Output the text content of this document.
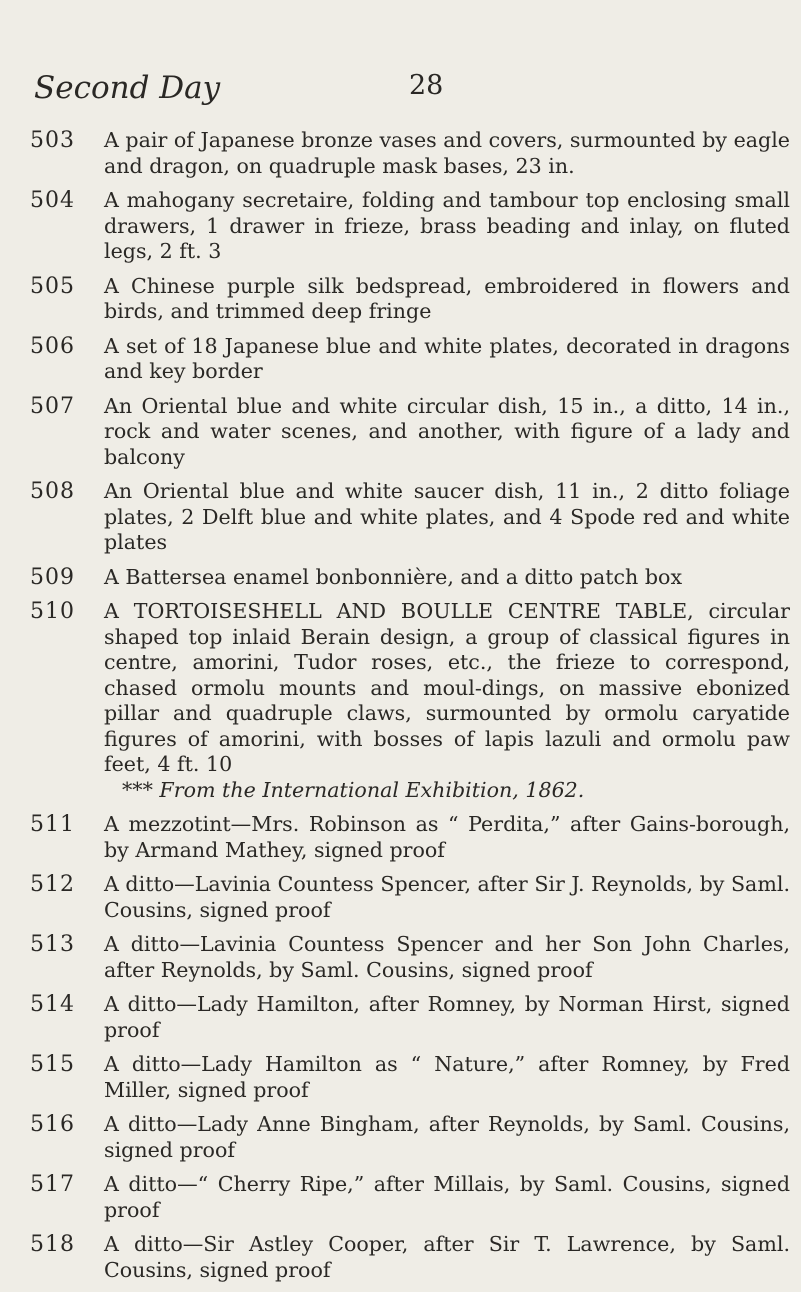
Second Day	28
503 A pair of Japanese bronze vases and covers, surmounted by eagle and dragon, on quadruple mask bases, 23 in.
504 A mahogany secretaire, folding and tambour top enclosing small drawers, 1 drawer in frieze, brass beading and inlay, on fluted legs, 2 ft. 3
505 A Chinese purple silk bedspread, embroidered in flowers and birds, and trimmed deep fringe
506 A set of 18 Japanese blue and white plates, decorated in dragons and key border
507 An Oriental blue and white circular dish, 15 in., a ditto, 14 in., rock and water scenes, and another, with figure of a lady and balcony
508 An Oriental blue and white saucer dish, 11 in., 2 ditto foliage plates, 2 Delft blue and white plates, and 4 Spode red and white plates
509 A Battersea enamel bonbonnière, and a ditto patch box
510 A TORTOISESHELL AND BOULLE CENTRE TABLE, circular shaped top inlaid Berain design, a group of classical figures in centre, amorini, Tudor roses, etc., the frieze to correspond, chased ormolu mounts and moul-dings, on massive ebonized pillar and quadruple claws, surmounted by ormolu caryatide figures of amorini, with bosses of lapis lazuli and ormolu paw feet, 4 ft. 10
*** From the International Exhibition, 1862.
511 A mezzotint—Mrs. Robinson as “ Perdita,” after Gains-borough, by Armand Mathey, signed proof
512 A ditto—Lavinia Countess Spencer, after Sir J. Reynolds, by Saml. Cousins, signed proof
513 A ditto—Lavinia Countess Spencer and her Son John Charles, after Reynolds, by Saml. Cousins, signed proof
514 A ditto—Lady Hamilton, after Romney, by Norman Hirst, signed proof
515 A ditto—Lady Hamilton as “ Nature,” after Romney, by Fred Miller, signed proof
516 A ditto—Lady Anne Bingham, after Reynolds, by Saml. Cousins, signed proof
517 A ditto—“ Cherry Ripe,” after Millais, by Saml. Cousins, signed proof
518 A ditto—Sir Astley Cooper, after Sir T. Lawrence, by Saml. Cousins, signed proof
